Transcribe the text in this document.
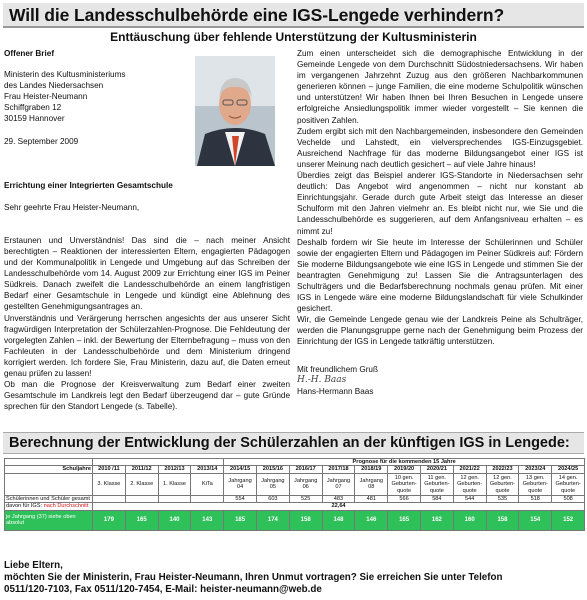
Will die Landesschulbehörde eine IGS-Lengede verhindern?
Enttäuschung über fehlende Unterstützung der Kultusministerin

Offener Brief

Ministerin des Kultusministeriums

des Landes Niedersachsen

Frau Heister-Neumann

Schiffgraben 12

30159 Hannover

29. September 2009

Errichtung einer Integrierten Gesamtschule

Sehr geehrte Frau Heister-Neumann,

Erstaunen und Unverständnis! Das sind die – nach meiner Ansicht berechtigten – Reaktionen der interessierten Eltern, engagierten Pädagogen und der Kommunalpolitik in Lengede und Umgebung auf das Schreiben der Landesschulbehörde vom 14. August 2009 zur Errichtung einer IGS im Peiner Südkreis. Danach zweifelt die Landesschulbehörde an einem langfristigen Bedarf einer Gesamtschule in Lengede und kündigt eine Ablehnung des gestellten Genehmigungsantrages an.

Unverständnis und Verärgerung herrschen angesichts der aus unserer Sicht fragwürdigen Interpretation der Schülerzahlen-Prognose. Die Fehldeutung der vorgelegten Zahlen – inkl. der Bewertung der Elternbefragung – muss von den Fachleuten in der Landesschulbehörde und dem Ministerium dringend korrigiert werden. Ich fordere Sie, Frau Ministerin, dazu auf, die Daten erneut genau prüfen zu lassen!

Ob man die Prognose der Kreisverwaltung zum Bedarf einer zweiten Gesamtschule im Landkreis legt den Bedarf überzeugend dar – gute Gründe sprechen für den Standort Lengede (s. Tabelle).

Zum einen unterscheidet sich die demographische Entwicklung in der Gemeinde Lengede von dem Durchschnitt Südostniedersachsens. Wir haben im vergangenen Jahrzehnt Zuzug aus den größeren Nachbarkommunen generieren können – junge Familien, die eine moderne Schulpolitik wünschen und unterstützen! Wir haben Ihnen bei Ihren Besuchen in Lengede unsere erfolgreiche Ansiedlungspolitik immer wieder vorgestellt – Sie kennen die positiven Zahlen.

Zudem ergibt sich mit den Nachbargemeinden, insbesondere den Gemeinden Vechelde und Lahstedt, ein vielversprechendes IGS-Einzugsgebiet. Ausreichend Nachfrage für das moderne Bildungsangebot einer IGS ist unserer Meinung nach deutlich gesichert – auf viele Jahre hinaus!

Überdies zeigt das Beispiel anderer IGS-Standorte in Niedersachsen sehr deutlich: Das Angebot wird angenommen – nicht nur konstant ab Einrichtungsjahr. Gerade durch gute Arbeit steigt das Interesse an dieser Schulform mit den Jahren vielmehr an. Es bleibt nicht nur, wie Sie und die Landesschulbehörde es suggerieren, auf dem Anfangsniveau erhalten – es nimmt zu!

Deshalb fordern wir Sie heute im Interesse der Schülerinnen und Schüler sowie der engagierten Eltern und Pädagogen im Peiner Südkreis auf: Fördern Sie moderne Bildungsangebote wie eine IGS in Lengede und stimmen Sie der beantragten Genehmigung zu! Lassen Sie die Antragsunterlagen des Schulträgers und die Bedarfsberechnung nochmals genau prüfen. Mit einer IGS in Lengede wäre eine moderne Bildungslandschaft für viele Schulkinder gesichert.

Wir, die Gemeinde Lengede genau wie der Landkreis Peine als Schulträger, werden die Planungsgruppe gerne nach der Genehmigung beim Prozess der Einrichtung der IGS in Lengede tatkräftig unterstützen.

Mit freundlichem Gruß

H.-H. Baas

Hans-Hermann Baas

Berechnung der Entwicklung der Schülerzahlen an der künftigen IGS in Lengede:
					Prognose für die kommenden 15 Jahre										
Schuljahre	2010 /11	2011/12	2012/13	2013/14	2014/15	2015/16	2016/17	2017/18	2018/19	2019/20	2020/21	2021/22	2022/23	2023/24	2024/25
	3. Klasse	2. Klasse	1. Klasse	KiTa	Jahrgang 04	Jahrgang 05	Jahrgang 06	Jahrgang 07	Jahrgang 08	10 gen. Geburten-quote	11 gen. Geburten-quote	12 gen. Geburten-quote	12 gen. Geburten-quote	13 gen. Geburten-quote	14 gen. Geburten-quote
Schülerinnen und Schüler gesamt					554	603	525	483	481	566	584	544	535	518	508
davon für IGS: nach Durchschnitt	22,64														
je Jahrgang (37) siehe oben
absolut	179	165	140	143	185	174	158	148	146	165	162	160	158	154	152

Liebe Eltern,

möchten Sie der Ministerin, Frau Heister-Neumann, Ihren Unmut vortragen? Sie erreichen Sie unter Telefon

0511/120-7103, Fax 0511/120-7454, E-Mail: heister-neumann@web.de
